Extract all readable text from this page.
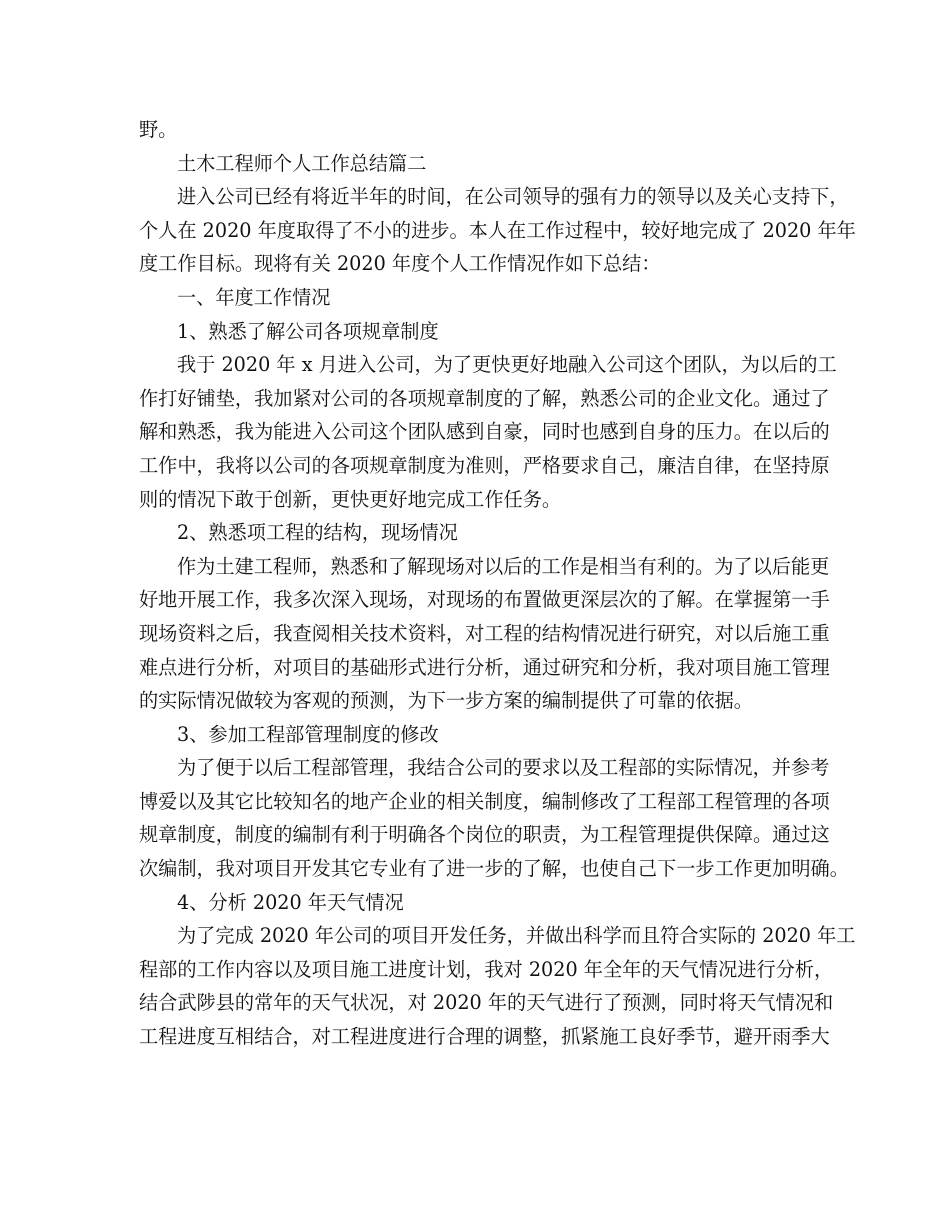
野。
土木工程师个人工作总结篇二
进入公司已经有将近半年的时间，在公司领导的强有力的领导以及关心支持下，
个人在 2020 年度取得了不小的进步。本人在工作过程中，较好地完成了 2020 年年
度工作目标。现将有关 2020 年度个人工作情况作如下总结：
一、年度工作情况
1、熟悉了解公司各项规章制度
我于 2020 年 x 月进入公司，为了更快更好地融入公司这个团队，为以后的工
作打好铺垫，我加紧对公司的各项规章制度的了解，熟悉公司的企业文化。通过了
解和熟悉，我为能进入公司这个团队感到自豪，同时也感到自身的压力。在以后的
工作中，我将以公司的各项规章制度为准则，严格要求自己，廉洁自律，在坚持原
则的情况下敢于创新，更快更好地完成工作任务。
2、熟悉项工程的结构，现场情况
作为土建工程师，熟悉和了解现场对以后的工作是相当有利的。为了以后能更
好地开展工作，我多次深入现场，对现场的布置做更深层次的了解。在掌握第一手
现场资料之后，我查阅相关技术资料，对工程的结构情况进行研究，对以后施工重
难点进行分析，对项目的基础形式进行分析，通过研究和分析，我对项目施工管理
的实际情况做较为客观的预测，为下一步方案的编制提供了可靠的依据。
3、参加工程部管理制度的修改
为了便于以后工程部管理，我结合公司的要求以及工程部的实际情况，并参考
博爱以及其它比较知名的地产企业的相关制度，编制修改了工程部工程管理的各项
规章制度，制度的编制有利于明确各个岗位的职责，为工程管理提供保障。通过这
次编制，我对项目开发其它专业有了进一步的了解，也使自己下一步工作更加明确。
4、分析 2020 年天气情况
为了完成 2020 年公司的项目开发任务，并做出科学而且符合实际的 2020 年工
程部的工作内容以及项目施工进度计划，我对 2020 年全年的天气情况进行分析，
结合武陟县的常年的天气状况，对 2020 年的天气进行了预测，同时将天气情况和
工程进度互相结合，对工程进度进行合理的调整，抓紧施工良好季节，避开雨季大
